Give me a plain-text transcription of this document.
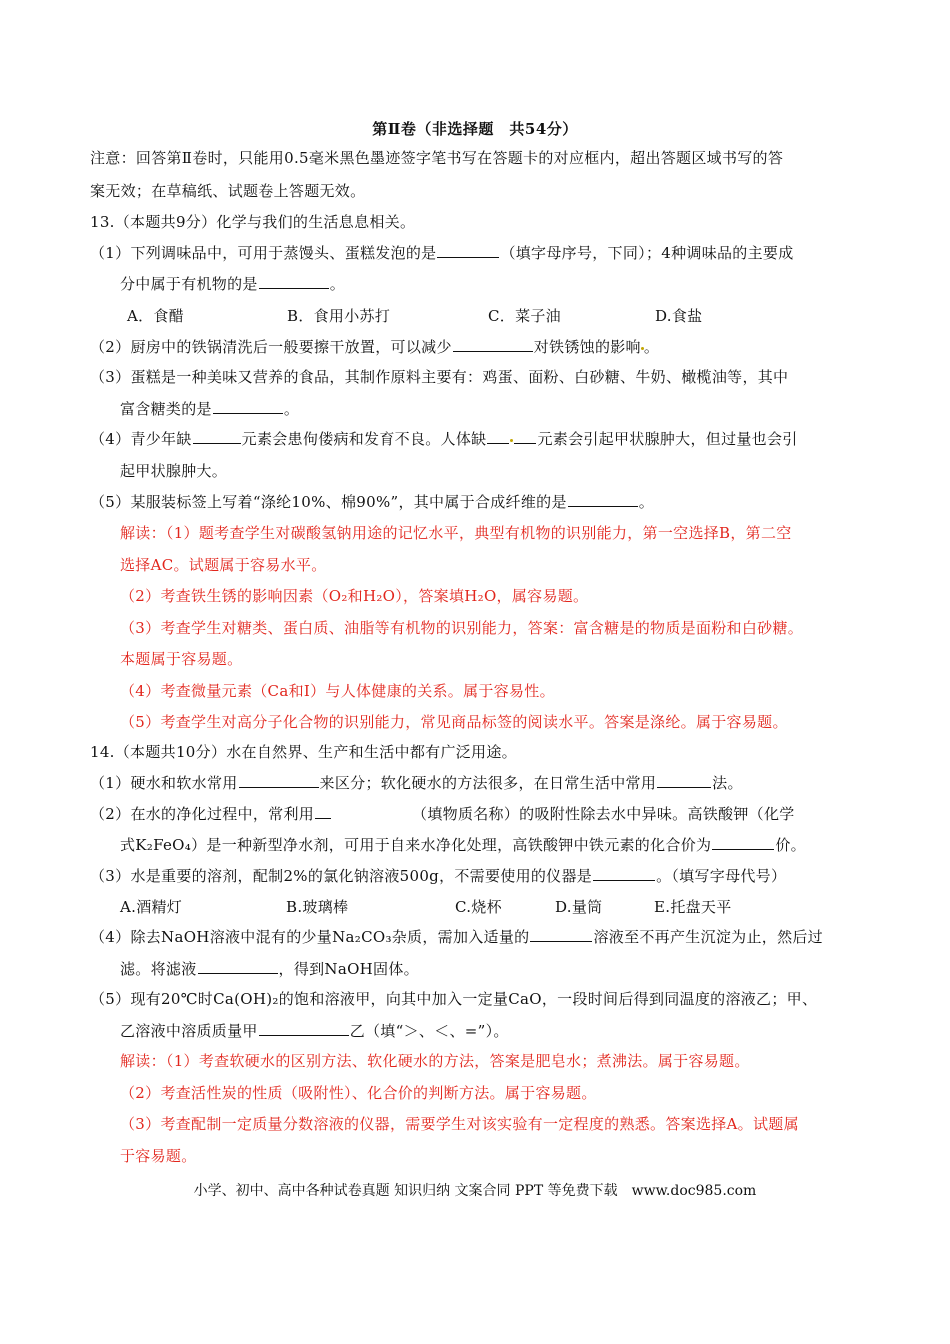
第Ⅱ卷（非选择题　共54分）
注意：回答第Ⅱ卷时，只能用0.5毫米黑色墨迹签字笔书写在答题卡的对应框内，超出答题区域书写的答
案无效；在草稿纸、试题卷上答题无效。
13.（本题共9分）化学与我们的生活息息相关。
（1）下列调味品中，可用于蒸馒头、蛋糕发泡的是	（填字母序号，下同）；4种调味品的主要成
分中属于有机物的是	。
A．食醋	B．食用小苏打	C．菜子油	D.食盐
（2）厨房中的铁锅清洗后一般要擦干放置，可以减少	对铁锈蚀的影响 。
（3）蛋糕是一种美味又营养的食品，其制作原料主要有：鸡蛋、面粉、白砂糖、牛奶、橄榄油等，其中
富含糖类的是	。
（4）青少年缺	元素会患佝偻病和发育不良。人体缺	元素会引起甲状腺肿大，但过量也会引
起甲状腺肿大。
（5）某服装标签上写着“涤纶10%、棉90%”，其中属于合成纤维的是	。
解读：（1）题考查学生对碳酸氢钠用途的记忆水平，典型有机物的识别能力，第一空选择B，第二空
选择AC。试题属于容易水平。
（2）考查铁生锈的影响因素（O₂和H₂O），答案填H₂O，属容易题。
（3）考查学生对糖类、蛋白质、油脂等有机物的识别能力，答案：富含糖是的物质是面粉和白砂糖。
本题属于容易题。
（4）考查微量元素（Ca和I）与人体健康的关系。属于容易性。
（5）考查学生对高分子化合物的识别能力，常见商品标签的阅读水平。答案是涤纶。属于容易题。
14.（本题共10分）水在自然界、生产和生活中都有广泛用途。
（1）硬水和软水常用	来区分；软化硬水的方法很多，在日常生活中常用	法。
（2）在水的净化过程中，常利用	（填物质名称）的吸附性除去水中异味。高铁酸钾（化学
式K₂FeO₄）是一种新型净水剂，可用于自来水净化处理，高铁酸钾中铁元素的化合价为	价。
（3）水是重要的溶剂，配制2%的氯化钠溶液500g，不需要使用的仪器是	。（填写字母代号）
A.酒精灯	B.玻璃棒	C.烧杯	D.量筒	E.托盘天平
（4）除去NaOH溶液中混有的少量Na₂CO₃杂质，需加入适量的	溶液至不再产生沉淀为止，然后过
滤。将滤液	，得到NaOH固体。
（5）现有20℃时Ca(OH)₂的饱和溶液甲，向其中加入一定量CaO，一段时间后得到同温度的溶液乙；甲、
乙溶液中溶质质量甲	乙（填“＞、＜、=”）。
解读：（1）考查软硬水的区别方法、软化硬水的方法，答案是肥皂水；煮沸法。属于容易题。
（2）考查活性炭的性质（吸附性）、化合价的判断方法。属于容易题。
（3）考查配制一定质量分数溶液的仪器，需要学生对该实验有一定程度的熟悉。答案选择A。试题属
于容易题。
小学、初中、高中各种试卷真题 知识归纳 文案合同 PPT 等免费下载　www.doc985.com
